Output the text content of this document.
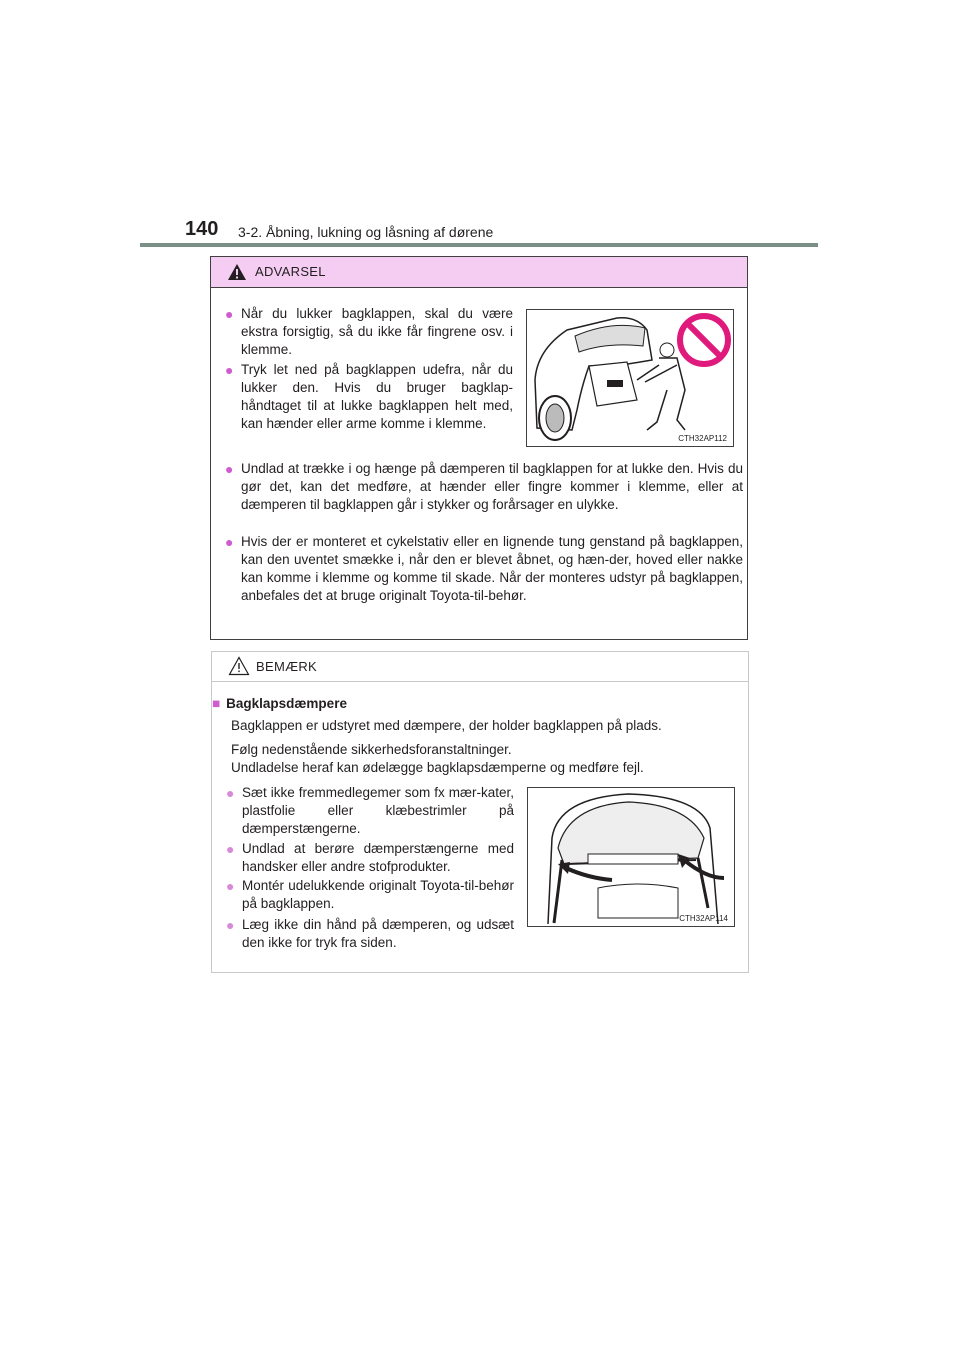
140 3-2. Åbning, lukning og låsning af dørene
ADVARSEL
● Når du lukker bagklappen, skal du være ekstra forsigtig, så du ikke får fingrene osv. i klemme.
● Tryk let ned på bagklappen udefra, når du lukker den. Hvis du bruger bagklap-håndtaget til at lukke bagklappen helt med, kan hænder eller arme komme i klemme.
CTH32AP112
● Undlad at trække i og hænge på dæmperen til bagklappen for at lukke den. Hvis du gør det, kan det medføre, at hænder eller fingre kommer i klemme, eller at dæmperen til bagklappen går i stykker og forårsager en ulykke.
● Hvis der er monteret et cykelstativ eller en lignende tung genstand på bagklappen, kan den uventet smække i, når den er blevet åbnet, og hæn-der, hoved eller nakke kan komme i klemme og komme til skade. Når der monteres udstyr på bagklappen, anbefales det at bruge originalt Toyota-til-behør.
BEMÆRK
■ Bagklapsdæmpere
Bagklappen er udstyret med dæmpere, der holder bagklappen på plads.
Følg nedenstående sikkerhedsforanstaltninger.
Undladelse heraf kan ødelægge bagklapsdæmperne og medføre fejl.
● Sæt ikke fremmedlegemer som fx mær-kater, plastfolie eller klæbestrimler på dæmperstængerne.
● Undlad at berøre dæmperstængerne med handsker eller andre stofprodukter.
● Montér udelukkende originalt Toyota-til-behør på bagklappen.
● Læg ikke din hånd på dæmperen, og udsæt den ikke for tryk fra siden.
CTH32AP114
